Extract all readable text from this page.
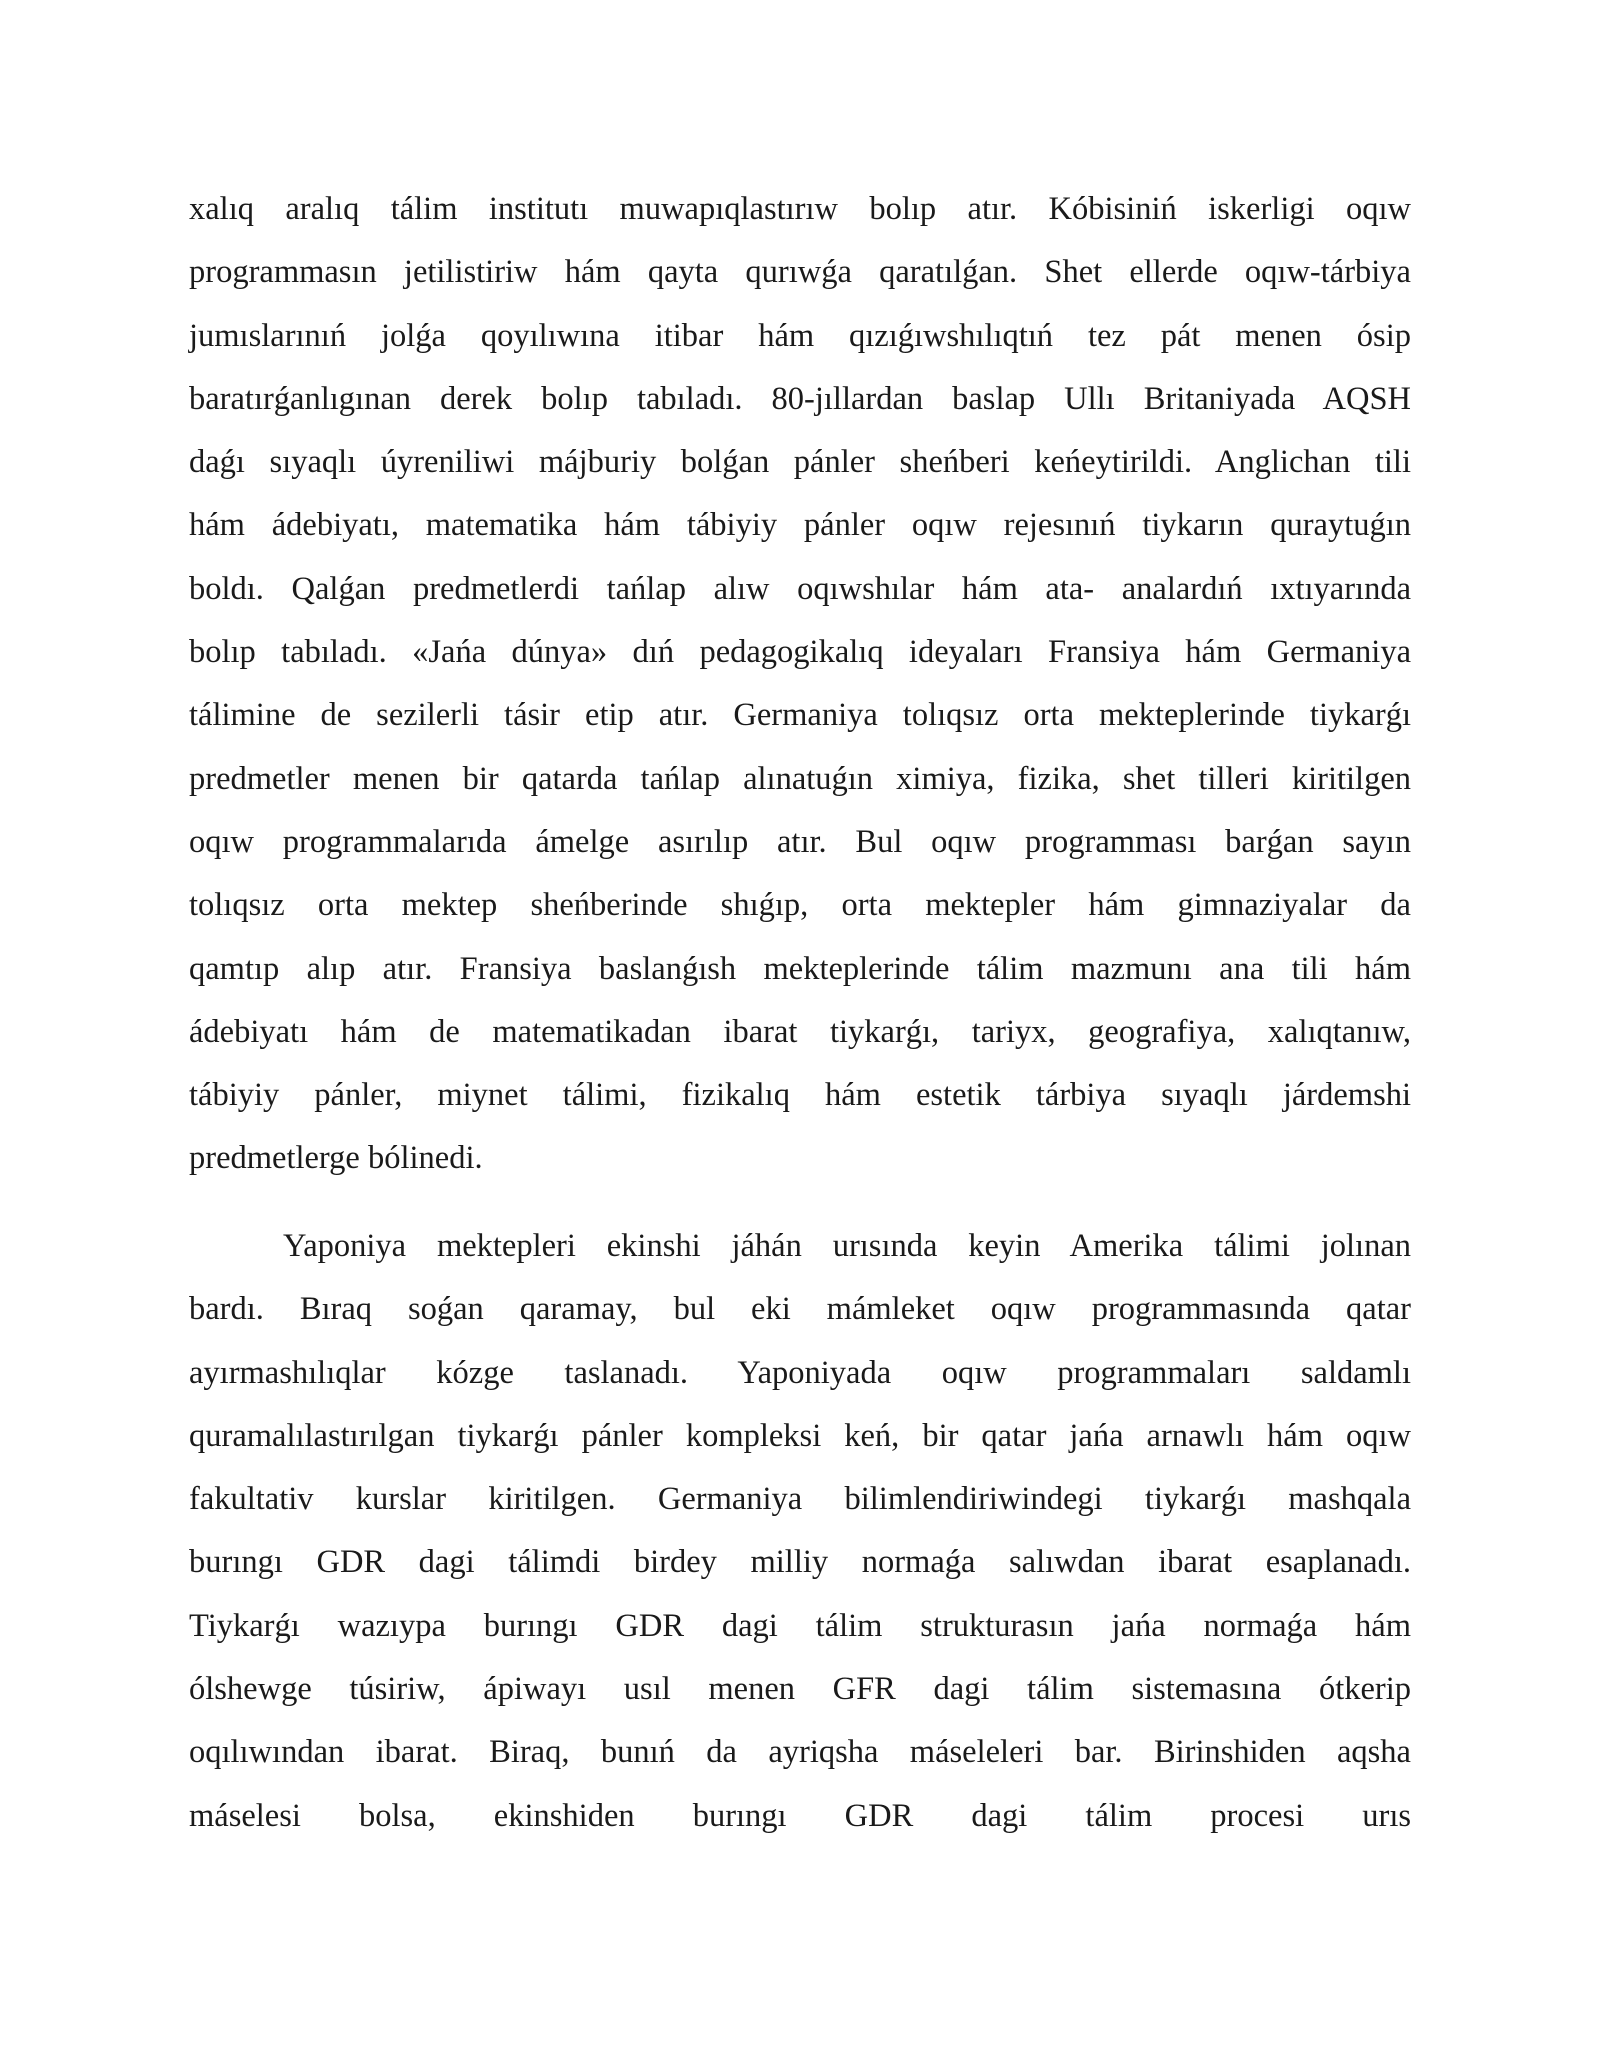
xalıq aralıq tálim institutı muwapıqlastırıw bolıp atır. Kóbisiniń iskerligi oqıw
programmasın jetilistiriw hám qayta qurıwǵa qaratılǵan. Shet ellerde oqıw-tárbiya
jumıslarınıń jolǵa qoyılıwına itibar hám qızıǵıwshılıqtıń tez pát menen ósip
baratırǵanlıgınan derek bolıp tabıladı. 80-jıllardan baslap Ullı Britaniyada AQSH
daǵı sıyaqlı úyreniliwi májburiy bolǵan pánler sheńberi keńeytirildi. Anglichan tili
hám ádebiyatı, matematika hám tábiyiy pánler oqıw rejesınıń tiykarın quraytuǵın
boldı. Qalǵan predmetlerdi tańlap alıw oqıwshılar hám ata- analardıń ıxtıyarında
bolıp tabıladı. «Jańa dúnya» dıń pedagogikalıq ideyaları Fransiya hám Germaniya
tálimine de sezilerli tásir etip atır. Germaniya tolıqsız orta mekteplerinde tiykarǵı
predmetler menen bir qatarda tańlap alınatuǵın ximiya, fizika, shet tilleri kiritilgen
oqıw programmalarıda ámelge asırılıp atır. Bul oqıw programması barǵan sayın
tolıqsız orta mektep sheńberinde shıǵıp, orta mektepler hám gimnaziyalar da
qamtıp alıp atır. Fransiya baslanǵısh mekteplerinde tálim mazmunı ana tili hám
ádebiyatı hám de matematikadan ibarat tiykarǵı, tariyx, geografiya, xalıqtanıw,
tábiyiy pánler, miynet tálimi, fizikalıq hám estetik tárbiya sıyaqlı járdemshi
predmetlerge bólinedi.
Yaponiya mektepleri ekinshi jáhán urısında keyin Amerika tálimi jolınan
bardı. Bıraq soǵan qaramay, bul eki mámleket oqıw programmasında qatar
ayırmashılıqlar kózge taslanadı. Yaponiyada oqıw programmaları saldamlı
quramalılastırılgan tiykarǵı pánler kompleksi keń, bir qatar jańa arnawlı hám oqıw
fakultativ kurslar kiritilgen. Germaniya bilimlendiriwindegi tiykarǵı mashqala
burıngı GDR dagi tálimdi birdey milliy normaǵa salıwdan ibarat esaplanadı.
Tiykarǵı wazıypa burıngı GDR dagi tálim strukturasın jańa normaǵa hám
ólshewge túsiriw, ápiwayı usıl menen GFR dagi tálim sistemasına ótkerip
oqılıwından ibarat. Biraq, bunıń da ayriqsha máseleleri bar. Birinshiden aqsha
máselesi bolsa, ekinshiden burıngı GDR dagi tálim procesi urıs
